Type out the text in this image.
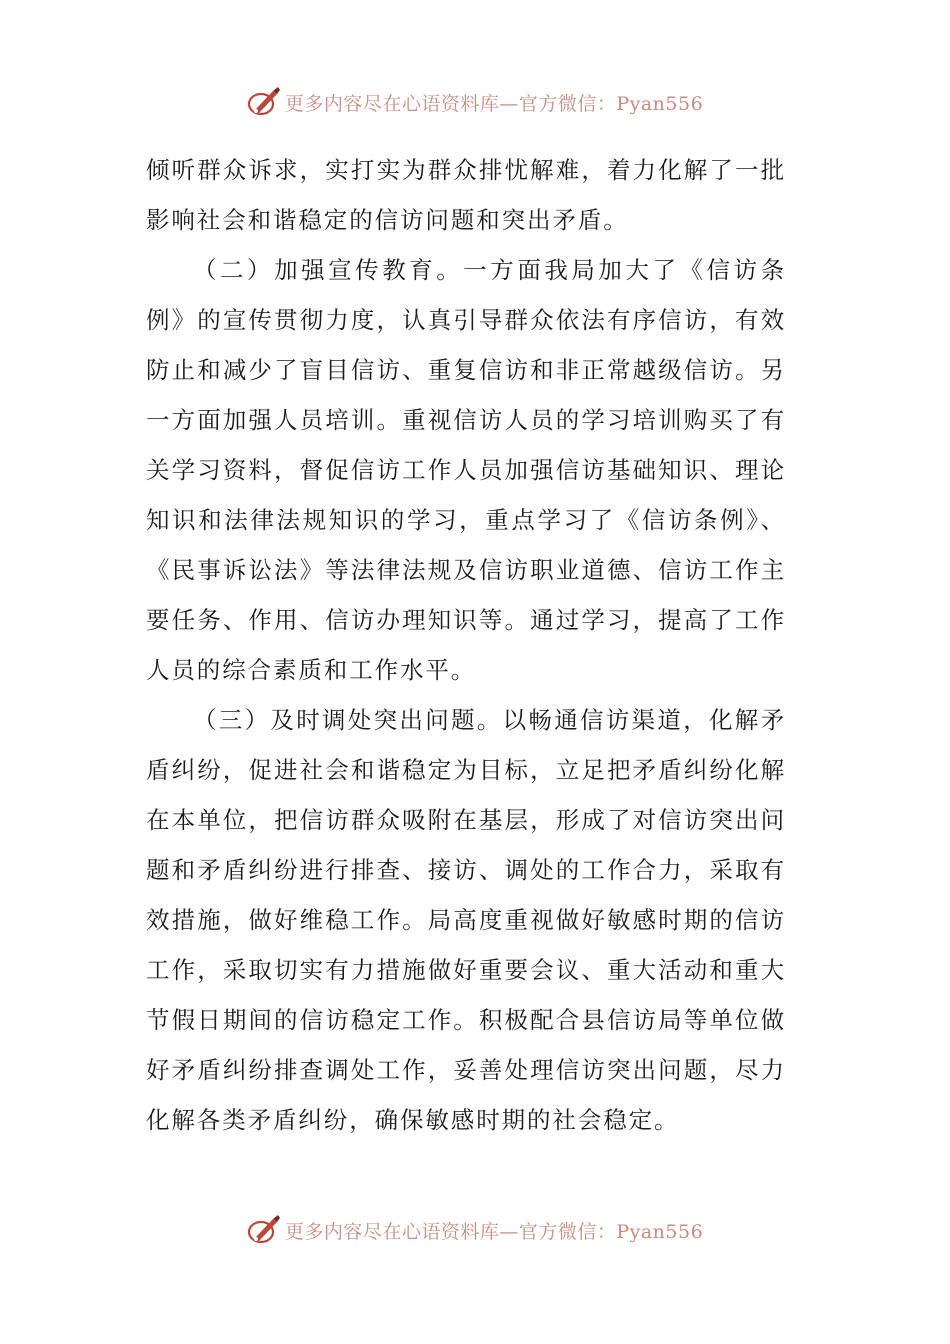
更多内容尽在心语资料库—官方微信：Pyan556

倾听群众诉求，实打实为群众排忧解难，着力化解了一批影响社会和谐稳定的信访问题和突出矛盾。

（二）加强宣传教育。一方面我局加大了《信访条例》的宣传贯彻力度，认真引导群众依法有序信访，有效防止和减少了盲目信访、重复信访和非正常越级信访。另一方面加强人员培训。重视信访人员的学习培训购买了有关学习资料，督促信访工作人员加强信访基础知识、理论知识和法律法规知识的学习，重点学习了《信访条例》、《民事诉讼法》等法律法规及信访职业道德、信访工作主要任务、作用、信访办理知识等。通过学习，提高了工作人员的综合素质和工作水平。

（三）及时调处突出问题。以畅通信访渠道，化解矛盾纠纷，促进社会和谐稳定为目标，立足把矛盾纠纷化解在本单位，把信访群众吸附在基层，形成了对信访突出问题和矛盾纠纷进行排查、接访、调处的工作合力，采取有效措施，做好维稳工作。局高度重视做好敏感时期的信访工作，采取切实有力措施做好重要会议、重大活动和重大节假日期间的信访稳定工作。积极配合县信访局等单位做好矛盾纠纷排查调处工作，妥善处理信访突出问题，尽力化解各类矛盾纠纷，确保敏感时期的社会稳定。

更多内容尽在心语资料库—官方微信：Pyan556
